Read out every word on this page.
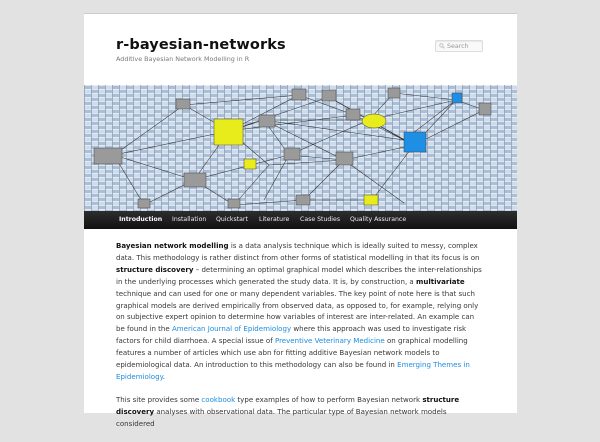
r-bayesian-networks
Additive Bayesian Network Modelling in R
Search
Introduction Installation Quickstart Literature Case Studies Quality Assurance

Bayesian network modelling is a data analysis technique which is ideally suited to messy, complex data. This methodology is rather distinct from other forms of statistical modelling in that its focus is on structure discovery – determining an optimal graphical model which describes the inter-relationships in the underlying processes which generated the study data. It is, by construction, a multivariate technique and can used for one or many dependent variables. The key point of note here is that such graphical models are derived empirically from observed data, as opposed to, for example, relying only on subjective expert opinion to determine how variables of interest are inter-related. An example can be found in the American Journal of Epidemiology where this approach was used to investigate risk factors for child diarrhoea. A special issue of Preventive Veterinary Medicine on graphical modelling features a number of articles which use abn for fitting additive Bayesian network models to epidemiological data. An introduction to this methodology can also be found in Emerging Themes in Epidemiology.

This site provides some cookbook type examples of how to perform Bayesian network structure discovery analyses with observational data. The particular type of Bayesian network models considered
